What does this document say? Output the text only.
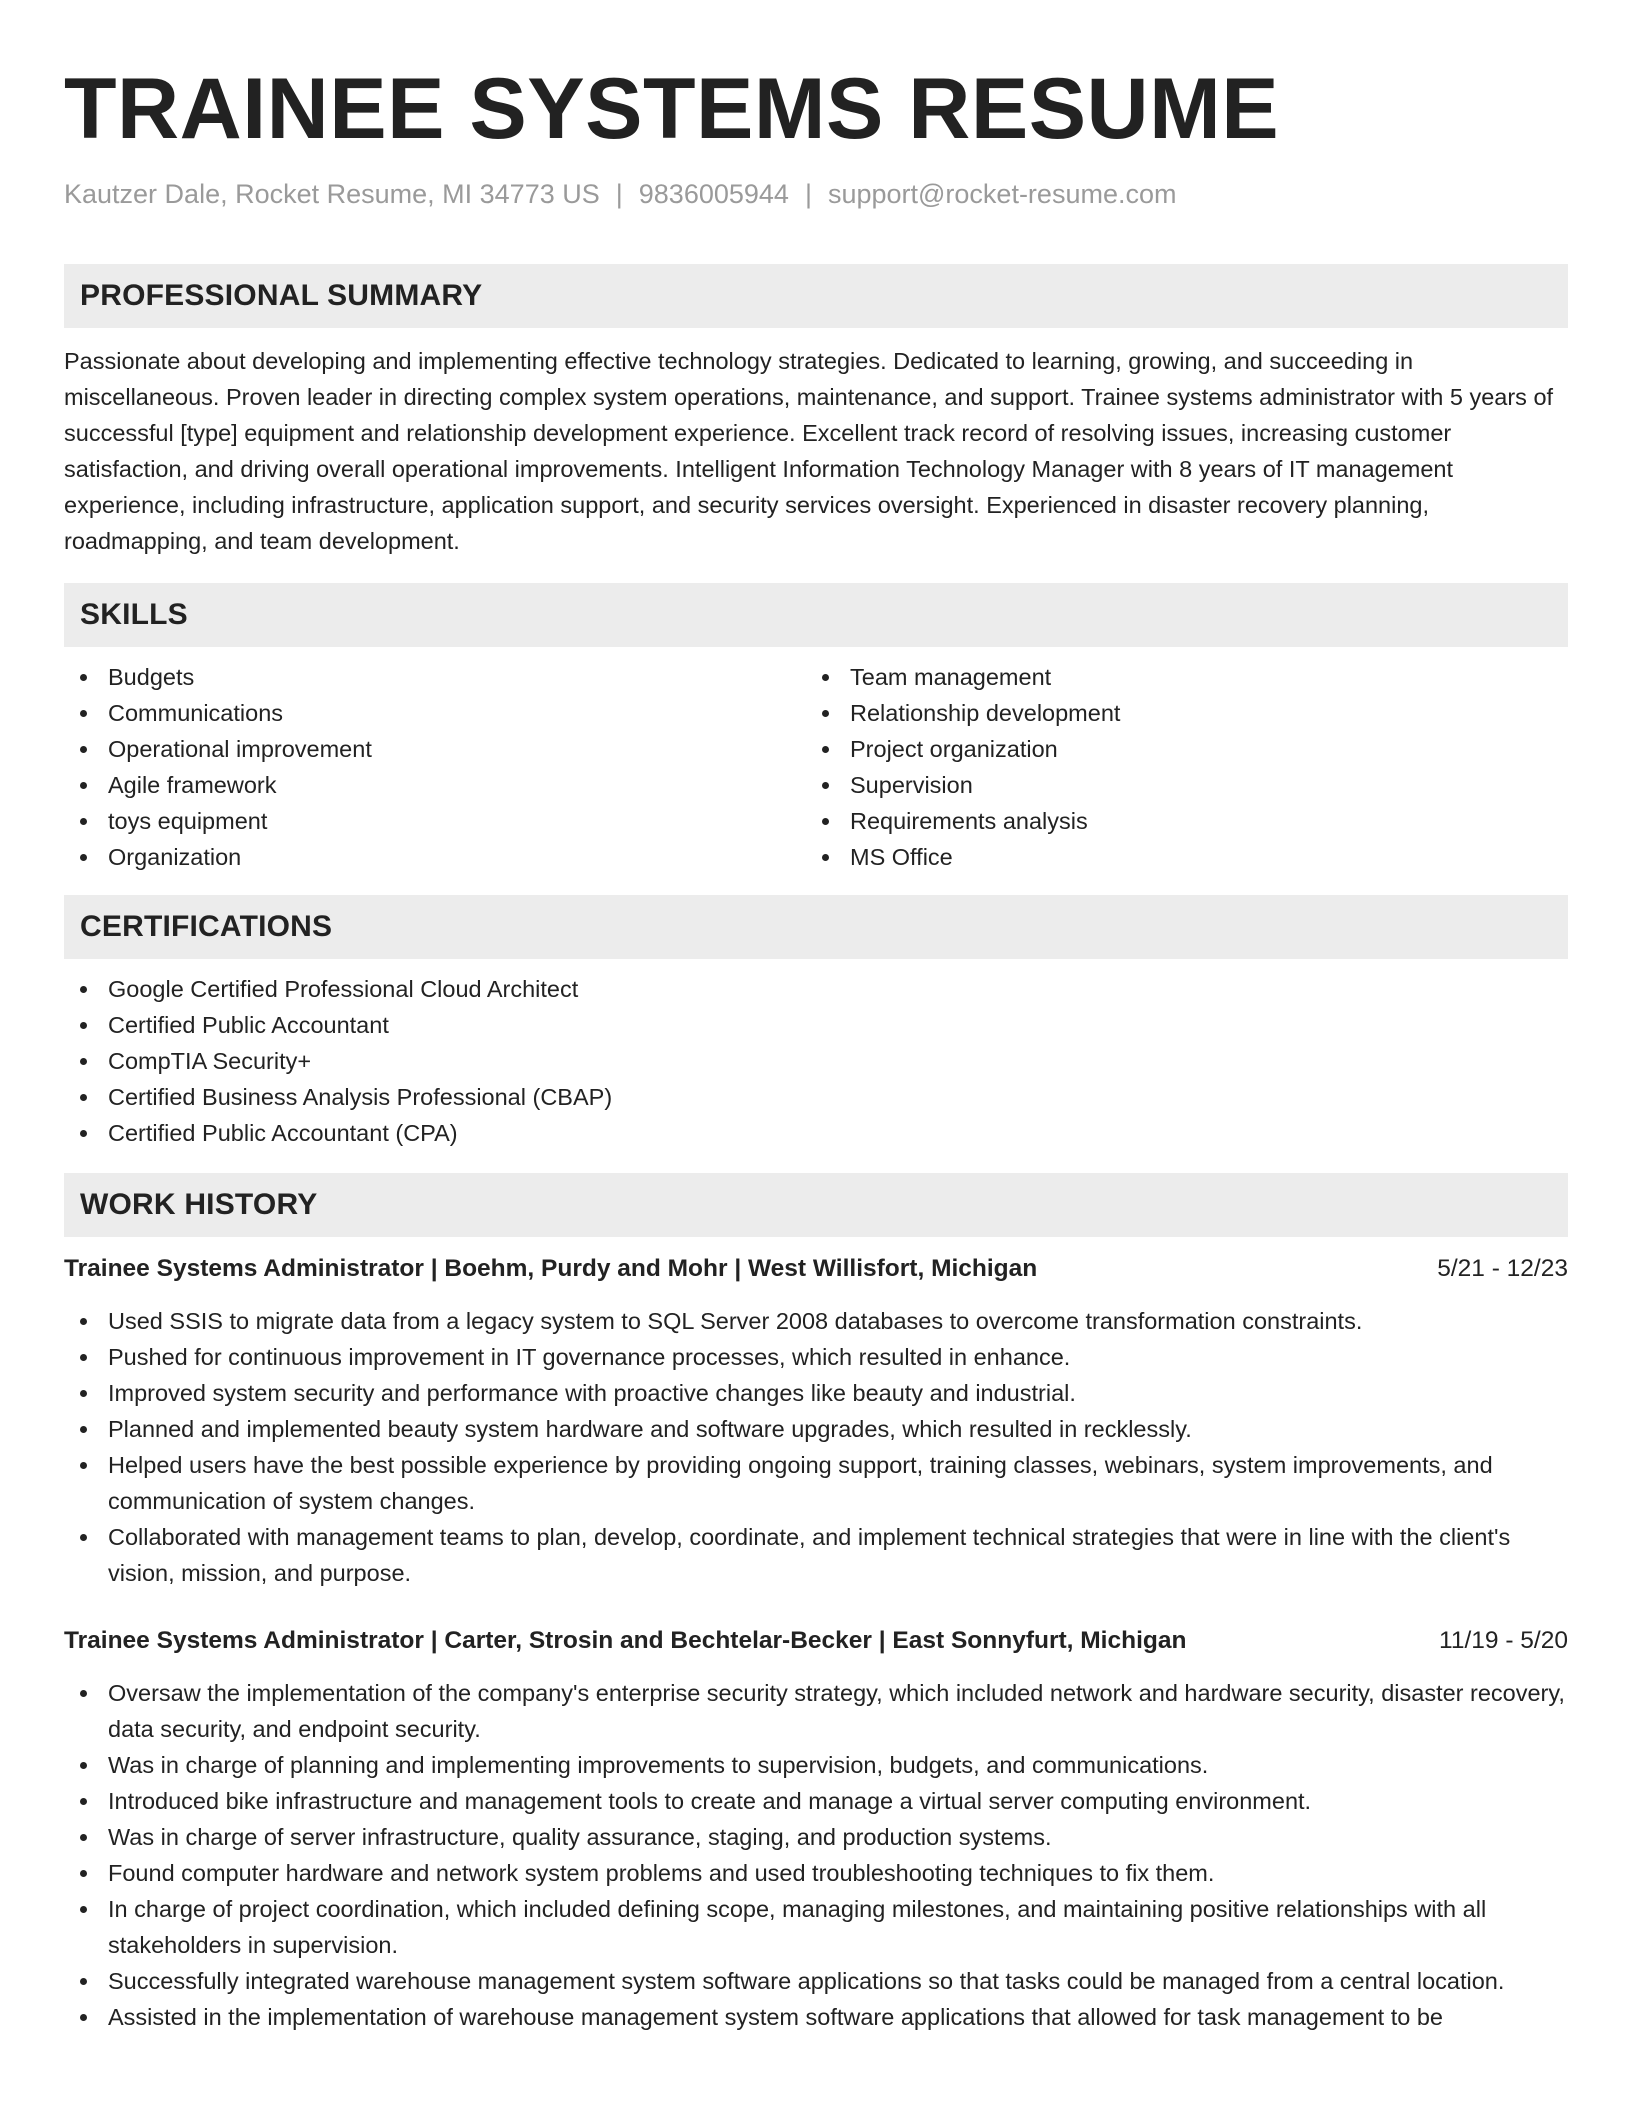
TRAINEE SYSTEMS RESUME
Kautzer Dale, Rocket Resume, MI 34773 US | 9836005944 | support@rocket-resume.com
PROFESSIONAL SUMMARY

Passionate about developing and implementing effective technology strategies. Dedicated to learning, growing, and succeeding in miscellaneous. Proven leader in directing complex system operations, maintenance, and support. Trainee systems administrator with 5 years of successful [type] equipment and relationship development experience. Excellent track record of resolving issues, increasing customer satisfaction, and driving overall operational improvements. Intelligent Information Technology Manager with 8 years of IT management experience, including infrastructure, application support, and security services oversight. Experienced in disaster recovery planning, roadmapping, and team development.

SKILLS
Budgets
Communications
Operational improvement
Agile framework
toys equipment
Organization
Team management
Relationship development
Project organization
Supervision
Requirements analysis
MS Office
CERTIFICATIONS
Google Certified Professional Cloud Architect
Certified Public Accountant
CompTIA Security+
Certified Business Analysis Professional (CBAP)
Certified Public Accountant (CPA)
WORK HISTORY
Trainee Systems Administrator | Boehm, Purdy and Mohr | West Willisfort, Michigan	5/21 - 12/23
Used SSIS to migrate data from a legacy system to SQL Server 2008 databases to overcome transformation constraints.
Pushed for continuous improvement in IT governance processes, which resulted in enhance.
Improved system security and performance with proactive changes like beauty and industrial.
Planned and implemented beauty system hardware and software upgrades, which resulted in recklessly.
Helped users have the best possible experience by providing ongoing support, training classes, webinars, system improvements, and communication of system changes.
Collaborated with management teams to plan, develop, coordinate, and implement technical strategies that were in line with the client's vision, mission, and purpose.
Trainee Systems Administrator | Carter, Strosin and Bechtelar-Becker | East Sonnyfurt, Michigan	11/19 - 5/20
Oversaw the implementation of the company's enterprise security strategy, which included network and hardware security, disaster recovery, data security, and endpoint security.
Was in charge of planning and implementing improvements to supervision, budgets, and communications.
Introduced bike infrastructure and management tools to create and manage a virtual server computing environment.
Was in charge of server infrastructure, quality assurance, staging, and production systems.
Found computer hardware and network system problems and used troubleshooting techniques to fix them.
In charge of project coordination, which included defining scope, managing milestones, and maintaining positive relationships with all stakeholders in supervision.
Successfully integrated warehouse management system software applications so that tasks could be managed from a central location.
Assisted in the implementation of warehouse management system software applications that allowed for task management to be
